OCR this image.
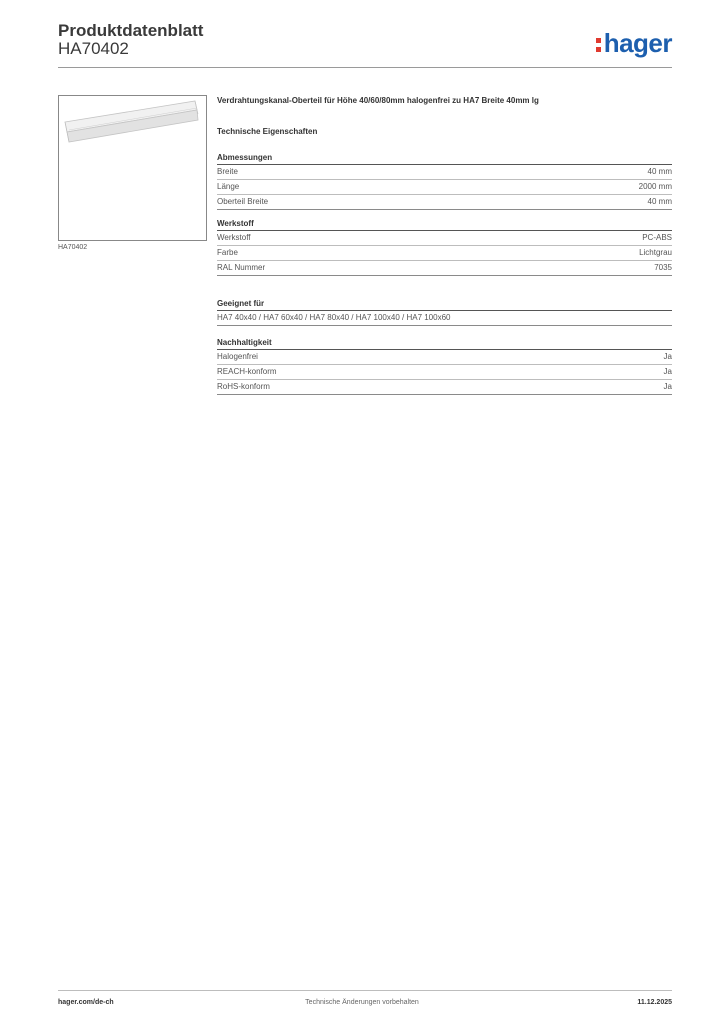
Produktdatenblatt
HA70402	hager
HA70402
Verdrahtungskanal-Oberteil für Höhe 40/60/80mm halogenfrei zu HA7 Breite 40mm lg
Technische Eigenschaften
Abmessungen
Breite	40 mm
Länge	2000 mm
Oberteil Breite	40 mm
Werkstoff
Werkstoff	PC-ABS
Farbe	Lichtgrau
RAL Nummer	7035
Geeignet für
HA7 40x40 / HA7 60x40 / HA7 80x40 / HA7 100x40 / HA7 100x60
Nachhaltigkeit
Halogenfrei	Ja
REACH-konform	Ja
RoHS-konform	Ja
hager.com/de-ch	Technische Änderungen vorbehalten	11.12.2025
